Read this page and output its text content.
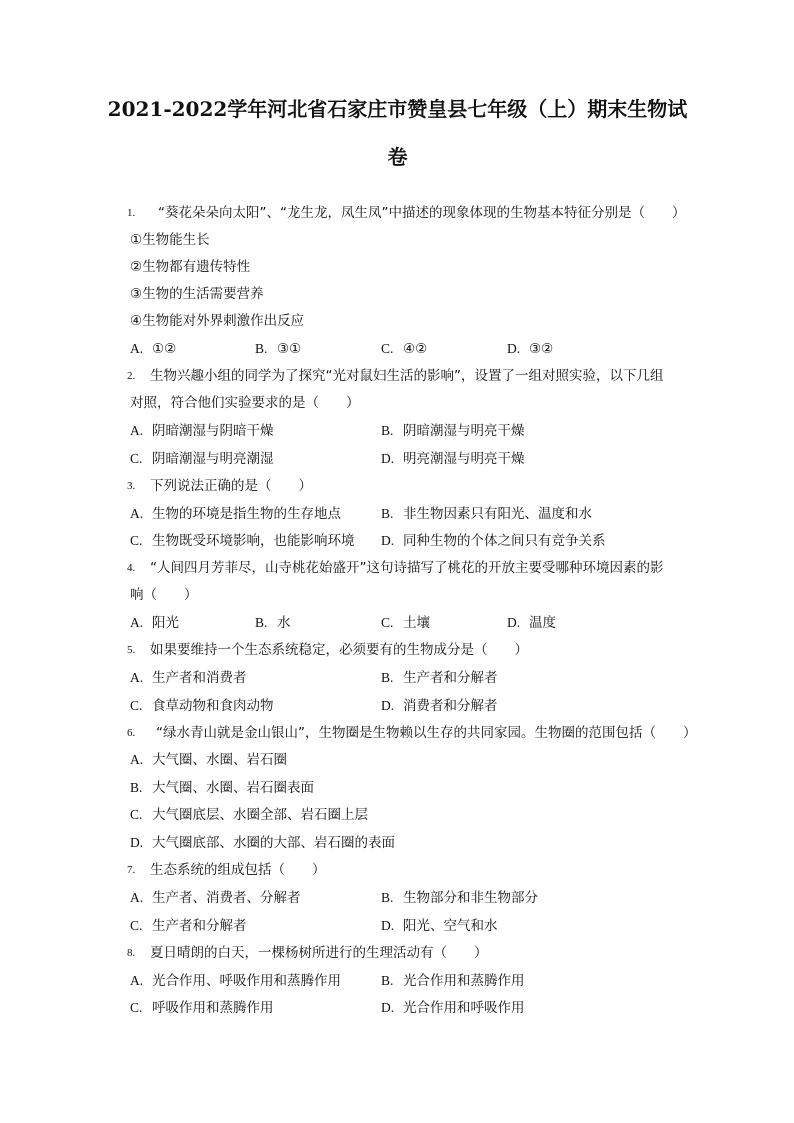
2021-2022学年河北省石家庄市赞皇县七年级（上）期末生物试
卷
1.	“葵花朵朵向太阳”、“龙生龙，凤生凤”中描述的现象体现的生物基本特征分别是（　　）
①生物能生长
②生物都有遗传特性
③生物的生活需要营养
④生物能对外界刺激作出反应
A. ①②	B. ③①	C. ④②	D. ③②
2.	生物兴趣小组的同学为了探究“光对鼠妇生活的影响”，设置了一组对照实验，以下几组
对照，符合他们实验要求的是（　　）
A. 阴暗潮湿与阴暗干燥	B. 阴暗潮湿与明亮干燥
C. 阴暗潮湿与明亮潮湿	D. 明亮潮湿与明亮干燥
3.	下列说法正确的是（　　）
A. 生物的环境是指生物的生存地点	B. 非生物因素只有阳光、温度和水
C. 生物既受环境影响，也能影响环境 D. 同种生物的个体之间只有竞争关系
4.	“人间四月芳菲尽，山寺桃花始盛开”这句诗描写了桃花的开放主要受哪种环境因素的影
响（　　）
A. 阳光	B. 水	C. 土壤	D. 温度
5.	如果要维持一个生态系统稳定，必须要有的生物成分是（　　）
A. 生产者和消费者	B. 生产者和分解者
C. 食草动物和食肉动物	D. 消费者和分解者
6.	“绿水青山就是金山银山”，生物圈是生物赖以生存的共同家园。生物圈的范围包括（　　）
A. 大气圈、水圈、岩石圈
B. 大气圈、水圈、岩石圈表面
C. 大气圈底层、水圈全部、岩石圈上层
D. 大气圈底部、水圈的大部、岩石圈的表面
7.	生态系统的组成包括（　　）
A. 生产者、消费者、分解者	B. 生物部分和非生物部分
C. 生产者和分解者	D. 阳光、空气和水
8.	夏日晴朗的白天，一棵杨树所进行的生理活动有（　　）
A. 光合作用、呼吸作用和蒸腾作用	B. 光合作用和蒸腾作用
C. 呼吸作用和蒸腾作用	D. 光合作用和呼吸作用
